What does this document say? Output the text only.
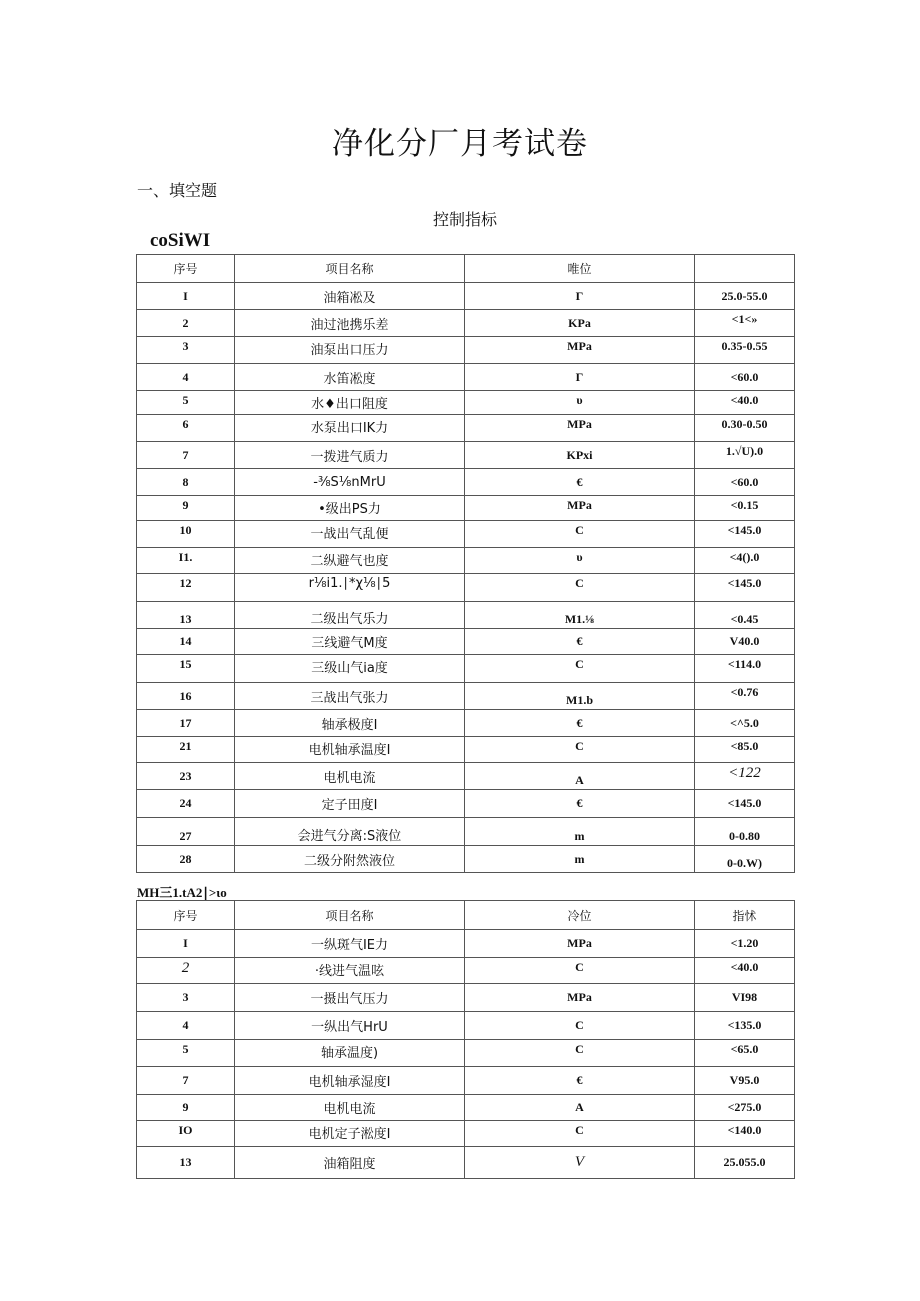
净化分厂月考试卷
一、填空题
控制指标
coSiWI
序号	项目名称	唯位	
I	油箱凇及	Γ	25.0-55.0
2	油过池携乐差	KPa	<1<»
3	油泵出口压力	MPa	0.35-0.55
4	水笛凇度	Γ	<60.0
5	水♦出口阻度	υ	<40.0
6	水泵出口IK力	MPa	0.30-0.50
7	一拨进气质力	KPxi	1.√U).0
8	-⅜S⅛nMrU	€	<60.0
9	•级出PS力	MPa	<0.15
10	一战出气乱便	C	<145.0
I1.	二纵避气也度	υ	<4().0
12	r⅛i1.∣*χ⅛∣5	C	<145.0
13	二级出气乐力	M1.⅛	<0.45
14	三线避气M度	€	V40.0
15	三级山气ia度	C	<114.0
16	三战出气张力	M1.b	<0.76
17	轴承极度I	€	<^5.0
21	电机轴承温度I	C	<85.0
23	电机电流	A	<122
24	定子田度I	€	<145.0
27	会进气分离:S液位	m	0-0.80
28	二级分附然液位	m	0-0.W)
MH三1.tA2∣>ιo
序号	项目名称	冷位	指怵
I	一纵斑气IE力	MPa	<1.20
2	·线进气温呟	C	<40.0
3	一摄出气压力	MPa	VI98
4	一纵出气HrU	C	<135.0
5	轴承温度)	C	<65.0
7	电机轴承湿度I	€	V95.0
9	电机电流	A	<275.0
IO	电机定子淞度I	C	<140.0
13	油箱阻度	V	25.055.0
